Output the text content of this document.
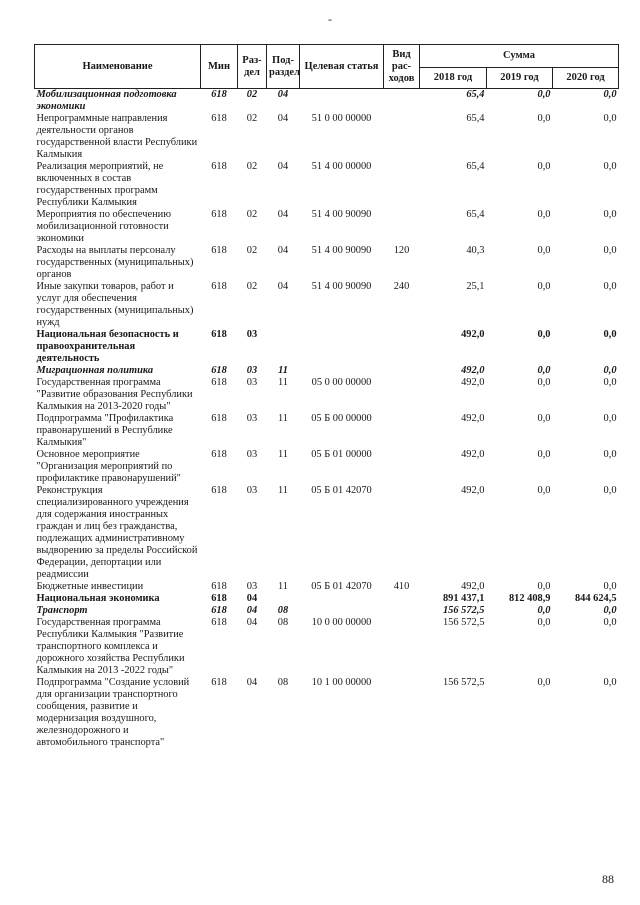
-
Наименование	Мин	Раз-дел	Под-раздел	Целевая статья	Вид рас-ходов	Сумма		
						2018 год	2019 год	2020 год
Мобилизационная подготовка экономики	618	02	04			65,4	0,0	0,0
Непрограммные направления деятельности органов государственной власти Республики Калмыкия	618	02	04	51 0 00 00000		65,4	0,0	0,0
Реализация мероприятий, не включенных в состав государственных программ Республики Калмыкия	618	02	04	51 4 00 00000		65,4	0,0	0,0
Мероприятия по обеспечению мобилизационной готовности экономики	618	02	04	51 4 00 90090		65,4	0,0	0,0
Расходы на выплаты персоналу государственных (муниципальных) органов	618	02	04	51 4 00 90090	120	40,3	0,0	0,0
Иные закупки товаров, работ и услуг для обеспечения государственных (муниципальных) нужд	618	02	04	51 4 00 90090	240	25,1	0,0	0,0
Национальная безопасность и правоохранительная деятельность	618	03				492,0	0,0	0,0
Миграционная политика	618	03	11			492,0	0,0	0,0
Государственная программа "Развитие образования Республики Калмыкия на 2013-2020 годы"	618	03	11	05 0 00 00000		492,0	0,0	0,0
Подпрограмма "Профилактика правонарушений в Республике Калмыкия"	618	03	11	05 Б 00 00000		492,0	0,0	0,0
Основное мероприятие "Организация мероприятий по профилактике правонарушений"	618	03	11	05 Б 01 00000		492,0	0,0	0,0
Реконструкция специализированного учреждения для содержания иностранных граждан и лиц без гражданства, подлежащих административному выдворению за пределы Российской Федерации, депортации или реадмиссии	618	03	11	05 Б 01 42070		492,0	0,0	0,0
Бюджетные инвестиции	618	03	11	05 Б 01 42070	410	492,0	0,0	0,0
Национальная экономика	618	04				891 437,1	812 408,9	844 624,5
Транспорт	618	04	08			156 572,5	0,0	0,0
Государственная программа Республики Калмыкия "Развитие транспортного комплекса и дорожного хозяйства Республики Калмыкия на 2013 -2022 годы"	618	04	08	10 0 00 00000		156 572,5	0,0	0,0
Подпрограмма "Создание условий для организации транспортного сообщения, развитие и модернизация воздушного, железнодорожного и автомобильного транспорта"	618	04	08	10 1 00 00000		156 572,5	0,0	0,0
88
